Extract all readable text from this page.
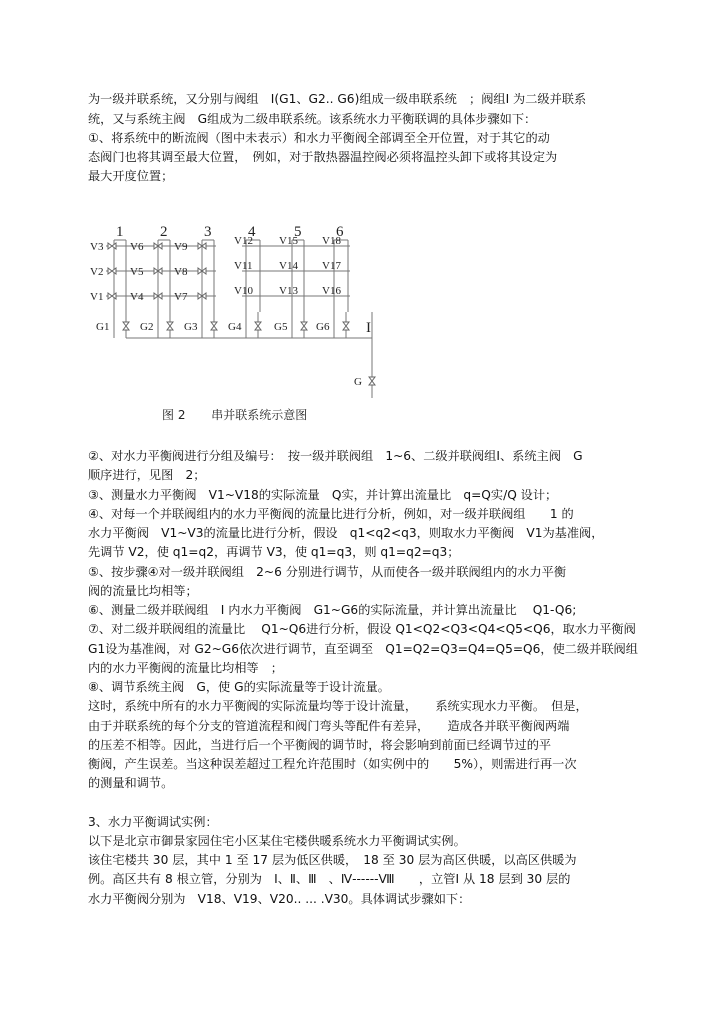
为一级并联系统，又分别与阀组　I(G1、G2.. G6)组成一级串联系统　；阀组Ⅰ 为二级并联系
统，又与系统主阀　G组成为二级串联系统。该系统水力平衡联调的具体步骤如下：
①、将系统中的断流阀（图中未表示）和水力平衡阀全部调至全开位置，对于其它的动
态阀门也将其调至最大位置，　例如，对于散热器温控阀必须将温控头卸下或将其设定为
最大开度位置；
1 2 3 4	5 6
V3
V2
V1
V6
V5
V4
V9
V8
V7
V12
V11
V10
V15
V14
V13
V18
V17
V16
G1	G2	G3	G4	G5	G6 I
G
图 2 串并联系统示意图
②、对水力平衡阀进行分组及编号：　按一级并联阀组　1~6、二级并联阀组Ⅰ、系统主阀　G
顺序进行，见图　2；
③、测量水力平衡阀　V1~V18的实际流量　Q实，并计算出流量比　q=Q实/Q 设计；
④、对每一个并联阀组内的水力平衡阀的流量比进行分析，例如，对一级并联阀组　　1 的
水力平衡阀　V1~V3的流量比进行分析，假设　q1<q2<q3，则取水力平衡阀　V1为基准阀，
先调节 V2，使 q1=q2，再调节 V3，使 q1=q3，则 q1=q2=q3；
⑤、按步骤④对一级并联阀组　2~6 分别进行调节，从而使各一级并联阀组内的水力平衡
阀的流量比均相等；
⑥、测量二级并联阀组　Ⅰ 内水力平衡阀　G1~G6的实际流量，并计算出流量比　 Q1-Q6;
⑦、对二级并联阀组的流量比　 Q1~Q6进行分析，假设 Q1<Q2<Q3<Q4<Q5<Q6，取水力平衡阀
G1设为基准阀，对 G2~G6依次进行调节，直至调至　Q1=Q2=Q3=Q4=Q5=Q6，使二级并联阀组
内的水力平衡阀的流量比均相等　；
⑧、调节系统主阀　G，使 G的实际流量等于设计流量。
这时，系统中所有的水力平衡阀的实际流量均等于设计流量，　　系统实现水力平衡。　但是，
由于并联系统的每个分支的管道流程和阀门弯头等配件有差异，　　造成各并联平衡阀两端
的压差不相等。因此，当进行后一个平衡阀的调节时，将会影响到前面已经调节过的平
衡阀，产生误差。当这种误差超过工程允许范围时（如实例中的　　5%），则需进行再一次
的测量和调节。
3、水力平衡调试实例：
以下是北京市御景家园住宅小区某住宅楼供暖系统水力平衡调试实例。
该住宅楼共 30 层，其中 1 至 17 层为低区供暖，　18 至 30 层为高区供暖，以高区供暖为
例。高区共有 8 根立管，分别为　Ⅰ、Ⅱ、Ⅲ　、Ⅳ------Ⅷ　　，立管Ⅰ 从 18 层到 30 层的
水力平衡阀分别为　V18、V19、V20.. ... .V30。具体调试步骤如下：
